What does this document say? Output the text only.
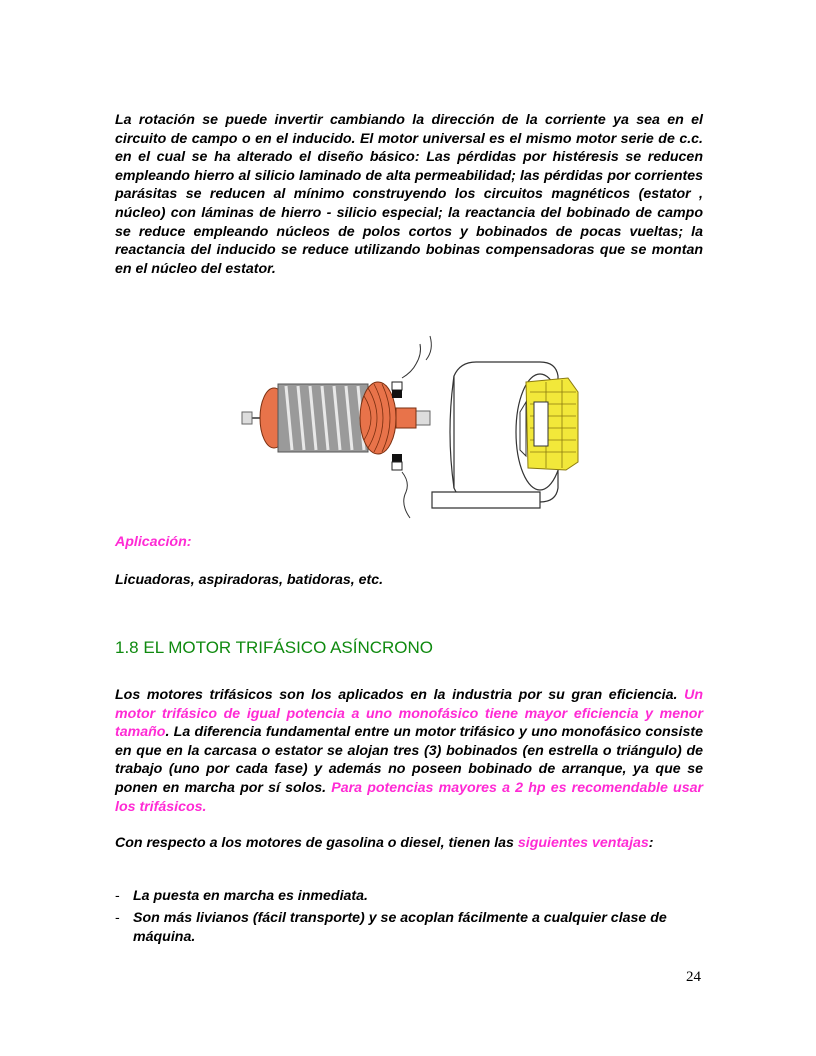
La rotación se puede invertir cambiando la dirección de la corriente ya sea en el circuito de campo o en el inducido. El motor universal es el mismo motor serie de c.c. en el cual se ha alterado el diseño básico: Las pérdidas por histéresis se reducen empleando hierro al silicio laminado de alta permeabilidad; las pérdidas por corrientes parásitas se reducen al mínimo construyendo los circuitos magnéticos (estator , núcleo) con láminas de hierro - silicio especial; la reactancia del bobinado de campo se reduce empleando núcleos de polos cortos y bobinados de pocas vueltas; la reactancia del inducido se reduce utilizando bobinas compensadoras que se montan en el núcleo del estator.

Aplicación:

Licuadoras, aspiradoras, batidoras, etc.

1.8 EL MOTOR TRIFÁSICO ASÍNCRONO

Los motores trifásicos son los aplicados en la industria por su gran eficiencia. Un motor trifásico de igual potencia a uno monofásico tiene mayor eficiencia y menor tamaño. La diferencia fundamental entre un motor trifásico y uno monofásico consiste en que en la carcasa o estator se alojan tres (3) bobinados (en estrella o triángulo) de trabajo (uno por cada fase) y además no poseen bobinado de arranque, ya que se ponen en marcha por sí solos. Para potencias mayores a 2 hp es recomendable usar los trifásicos.

Con respecto a los motores de gasolina o diesel, tienen las siguientes ventajas:

- La puesta en marcha es inmediata.
- Son más livianos (fácil transporte) y se acoplan fácilmente a cualquier clase de máquina.
24
